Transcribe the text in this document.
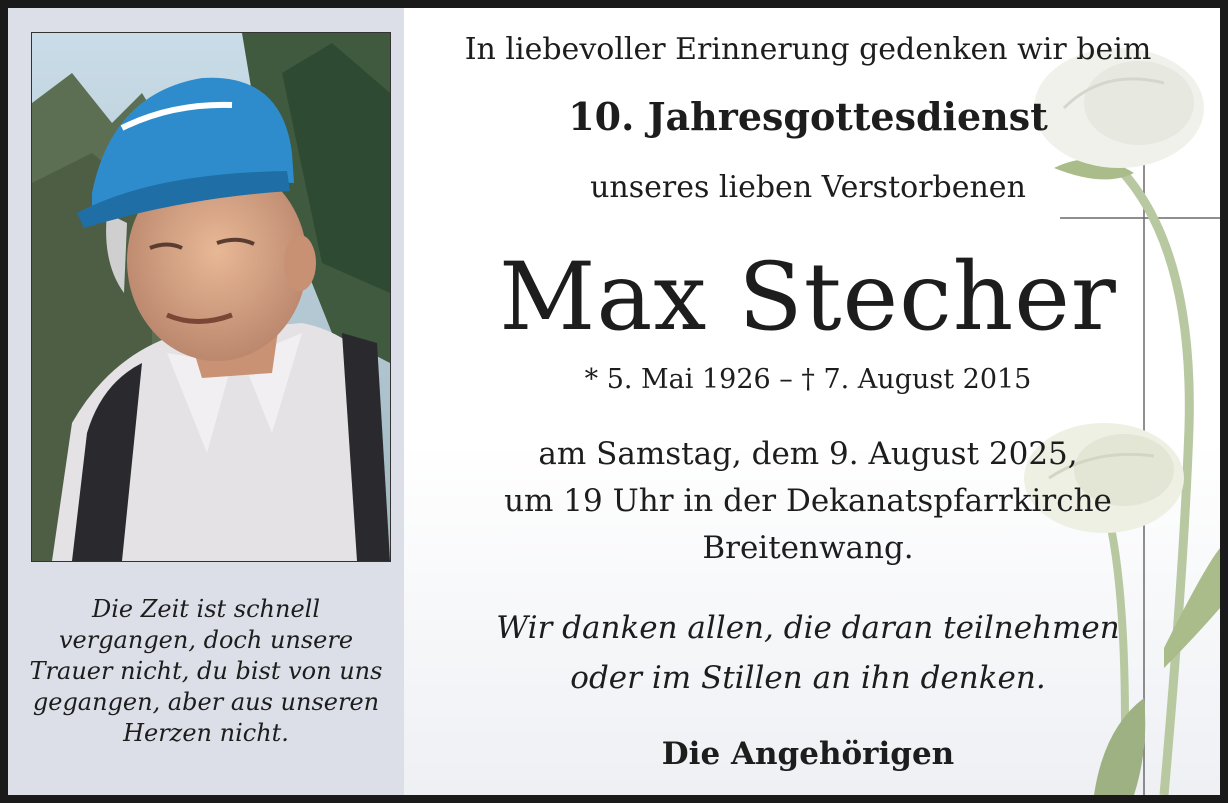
Die Zeit ist schnell
vergangen, doch unsere
Trauer nicht, du bist von uns
gegangen, aber aus unseren
Herzen nicht.
In liebevoller Erinnerung gedenken wir beim
10. Jahresgottesdienst
unseres lieben Verstorbenen
Max Stecher
* 5. Mai 1926 – † 7. August 2015
am Samstag, dem 9. August 2025,
um 19 Uhr in der Dekanatspfarrkirche
Breitenwang.
Wir danken allen, die daran teilnehmen
oder im Stillen an ihn denken.
Die Angehörigen
